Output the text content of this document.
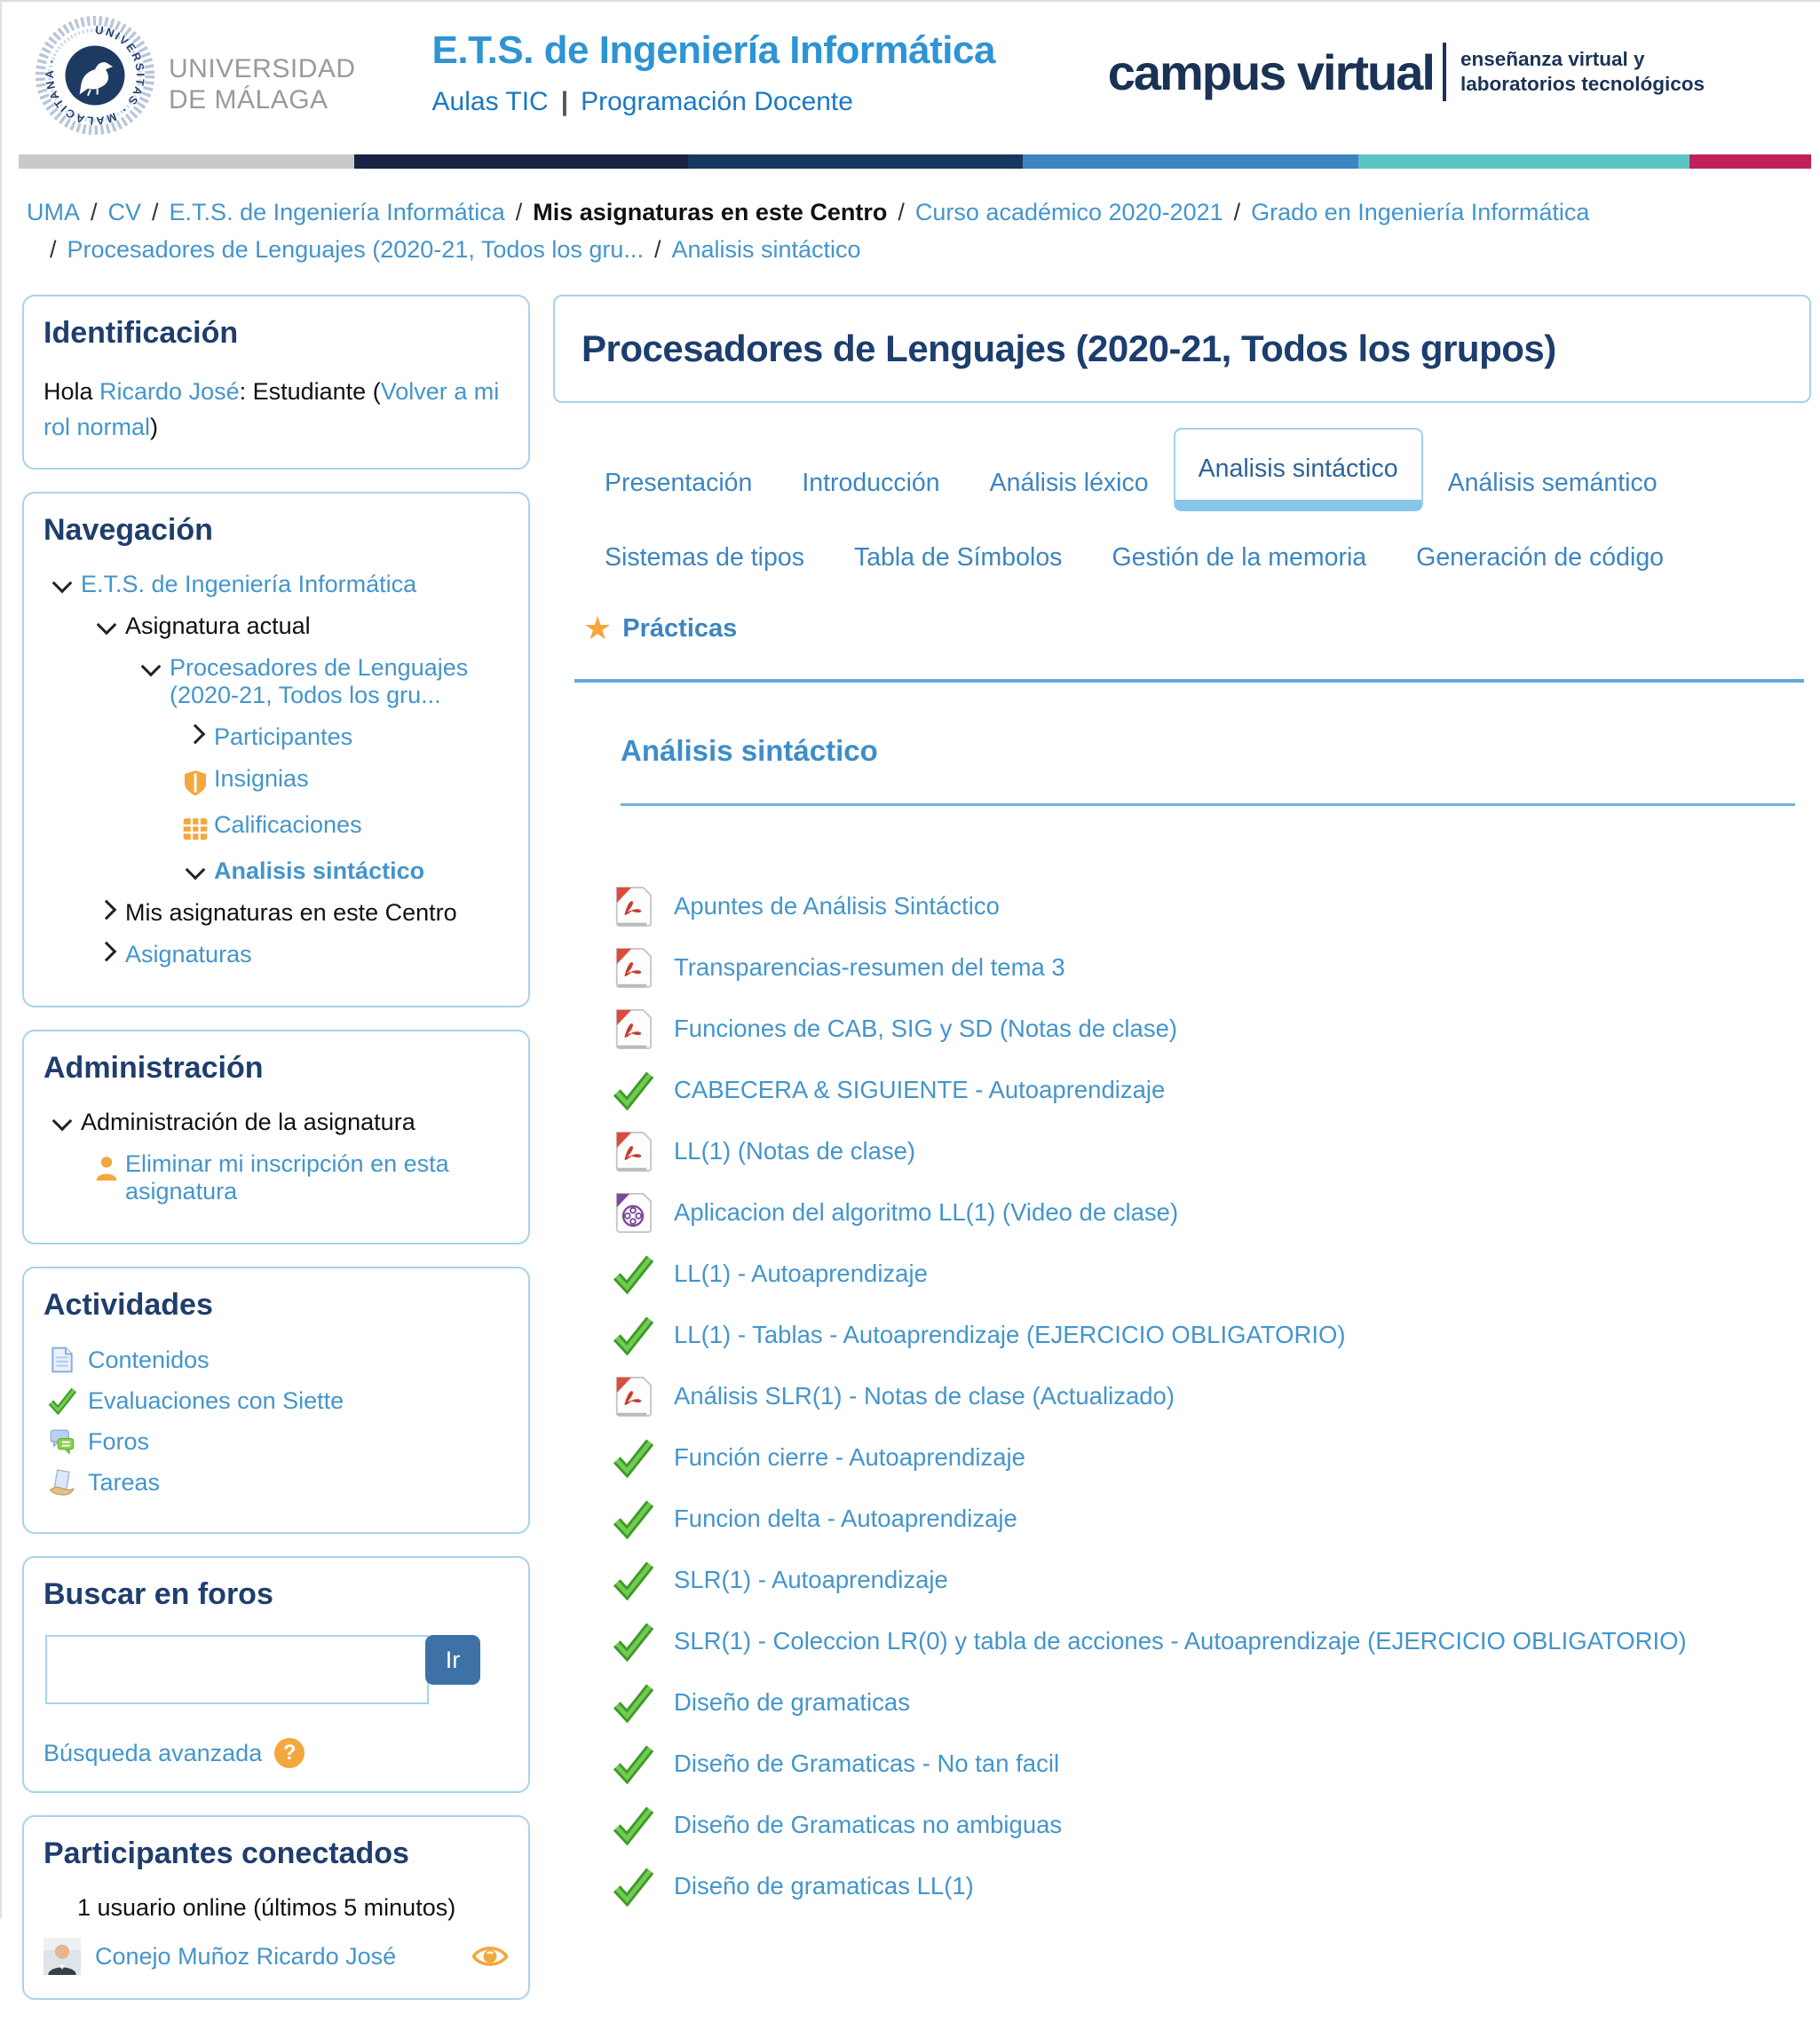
UNIVERSITAS · MALACITANA ·	UNIVERSIDAD
DE MÁLAGA
E.T.S. de Ingeniería Informática
Aulas TIC | Programación Docente
campus virtual enseñanza virtual y
laboratorios tecnológicos
UMA / CV / E.T.S. de Ingeniería Informática / Mis asignaturas en este Centro / Curso académico 2020-2021 / Grado en Ingeniería Informática
/ Procesadores de Lenguajes (2020-21, Todos los gru... / Analisis sintáctico
Identificación
Hola Ricardo José: Estudiante (Volver a mi rol normal)
Navegación
E.T.S. de Ingeniería Informática
Asignatura actual
Procesadores de Lenguajes (2020-21, Todos los gru...
Participantes
Insignias
Calificaciones
Analisis sintáctico
Mis asignaturas en este Centro
Asignaturas
Administración
Administración de la asignatura
Eliminar mi inscripción en esta asignatura
Actividades
Contenidos
Evaluaciones con Siette
Foros
Tareas
Buscar en foros
Ir
Búsqueda avanzada ?
Participantes conectados
1 usuario online (últimos 5 minutos)
Conejo Muñoz Ricardo José
Procesadores de Lenguajes (2020-21, Todos los grupos)
Presentación	Introducción	Análisis léxico	Analisis sintáctico	Análisis semántico
Sistemas de tipos	Tabla de Símbolos	Gestión de la memoria	Generación de código
★ Prácticas
Análisis sintáctico
Apuntes de Análisis Sintáctico
Transparencias-resumen del tema 3
Funciones de CAB, SIG y SD (Notas de clase)
CABECERA & SIGUIENTE - Autoaprendizaje
LL(1) (Notas de clase)
Aplicacion del algoritmo LL(1) (Video de clase)
LL(1) - Autoaprendizaje
LL(1) - Tablas - Autoaprendizaje (EJERCICIO OBLIGATORIO)
Análisis SLR(1) - Notas de clase (Actualizado)
Función cierre - Autoaprendizaje
Funcion delta - Autoaprendizaje
SLR(1) - Autoaprendizaje
SLR(1) - Coleccion LR(0) y tabla de acciones - Autoaprendizaje (EJERCICIO OBLIGATORIO)
Diseño de gramaticas
Diseño de Gramaticas - No tan facil
Diseño de Gramaticas no ambiguas
Diseño de gramaticas LL(1)
